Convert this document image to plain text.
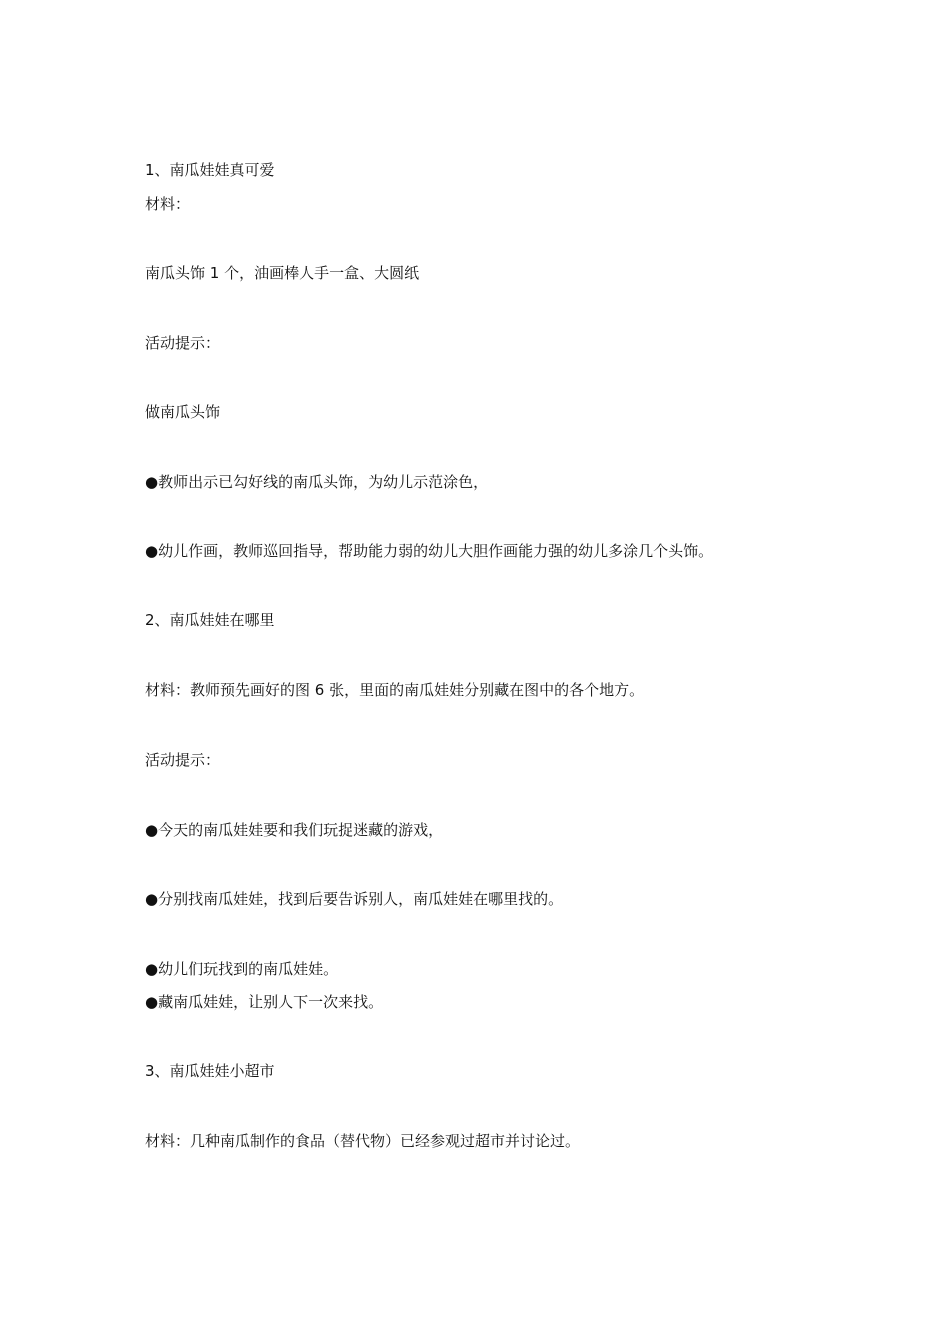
1、南瓜娃娃真可爱
材料：
南瓜头饰 1 个，油画棒人手一盒、大圆纸
活动提示：
做南瓜头饰
●教师出示已勾好线的南瓜头饰，为幼儿示范涂色，
●幼儿作画，教师巡回指导，帮助能力弱的幼儿大胆作画能力强的幼儿多涂几个头饰。
2、南瓜娃娃在哪里
材料：教师预先画好的图 6 张，里面的南瓜娃娃分别藏在图中的各个地方。
活动提示：
●今天的南瓜娃娃要和我们玩捉迷藏的游戏，
●分别找南瓜娃娃，找到后要告诉别人，南瓜娃娃在哪里找的。
●幼儿们玩找到的南瓜娃娃。
●藏南瓜娃娃，让别人下一次来找。
3、南瓜娃娃小超市
材料：几种南瓜制作的食品（替代物）已经参观过超市并讨论过。
